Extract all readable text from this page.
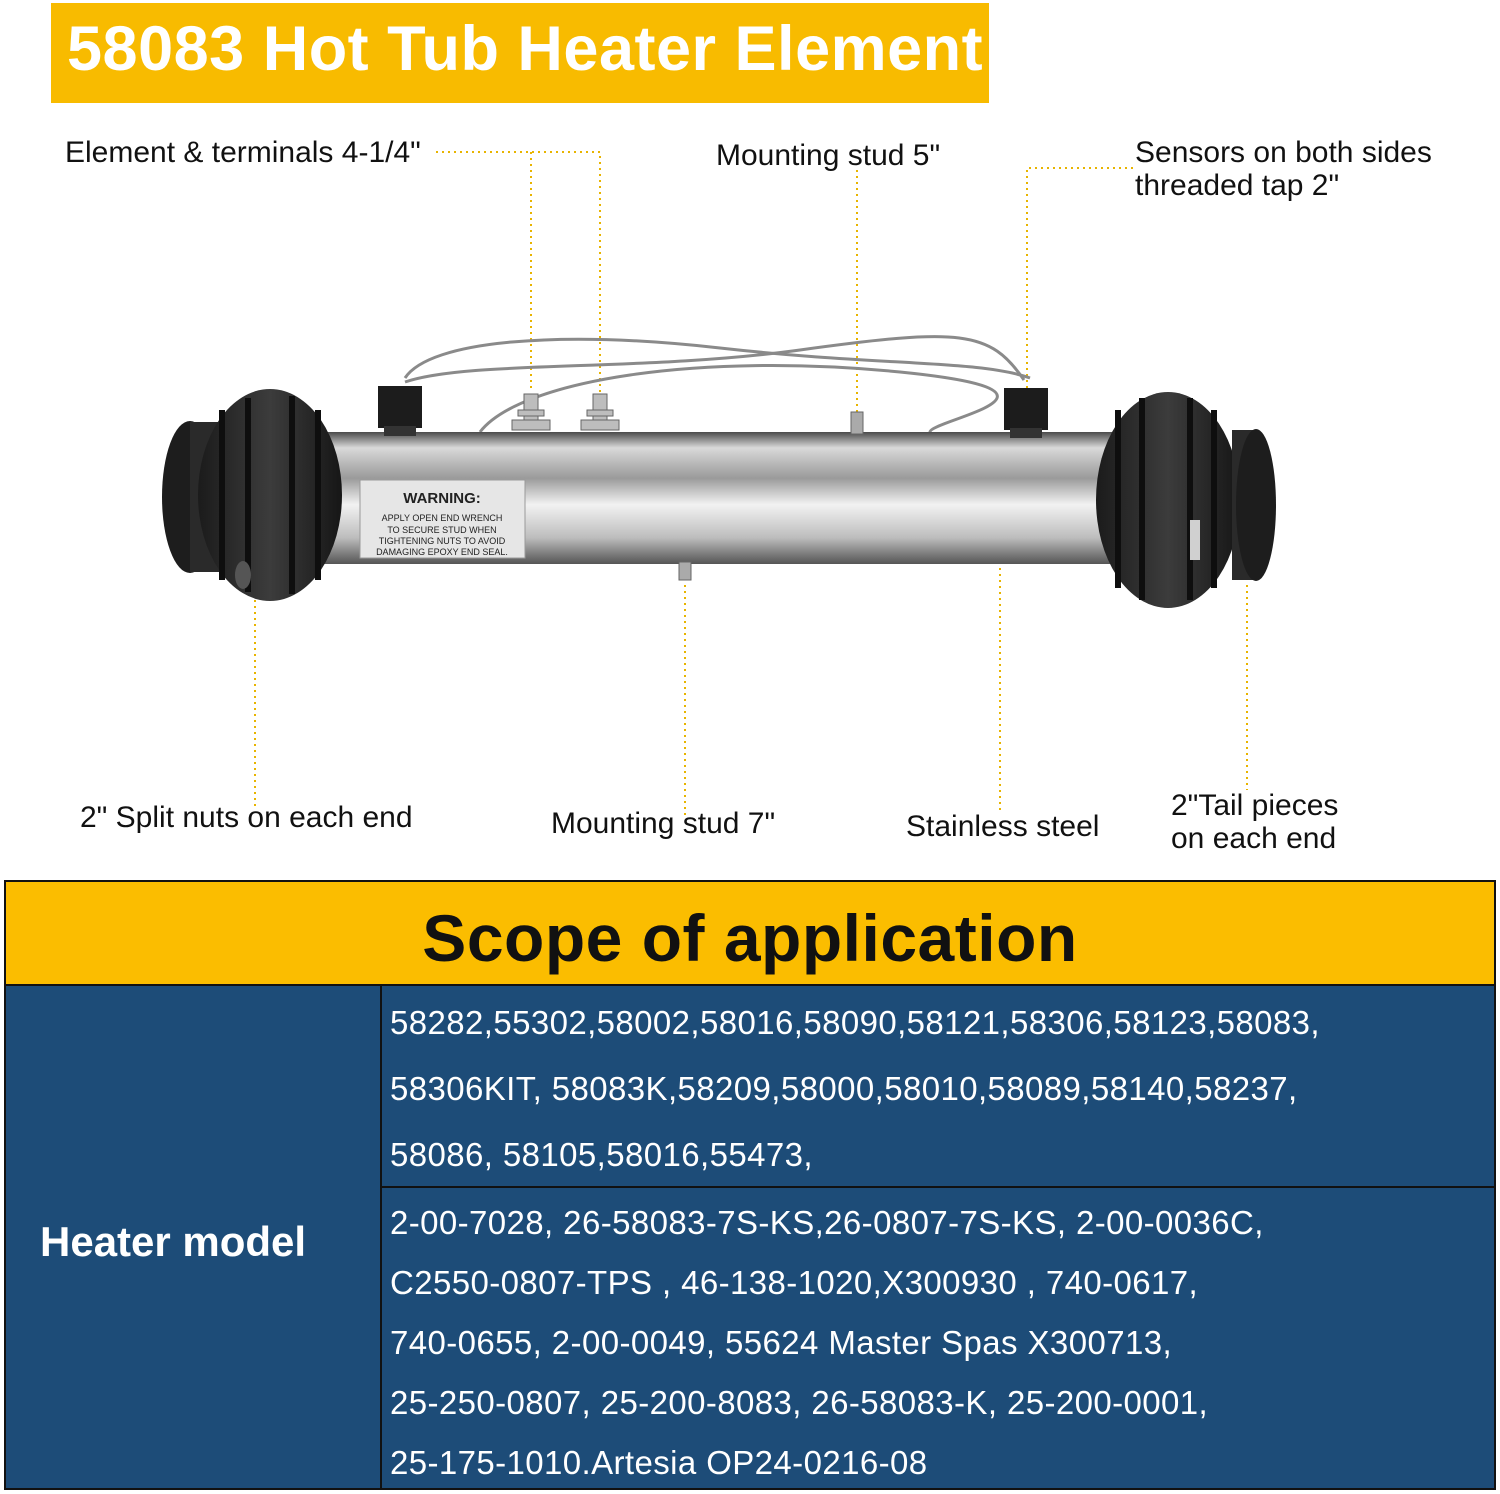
58083 Hot Tub Heater Element
WARNING:
APPLY OPEN END WRENCH
TO SECURE STUD WHEN
TIGHTENING NUTS TO AVOID
DAMAGING EPOXY END SEAL.
Element & terminals 4-1/4"	Mounting stud 5"	Sensors on both sides
threaded tap 2"
2" Split nuts on each end	Mounting stud 7"	Stainless steel
2"Tail pieces
on each end
Scope of application
Heater model
58282,55302,58002,58016,58090,58121,58306,58123,58083,
58306KIT, 58083K,58209,58000,58010,58089,58140,58237,
58086, 58105,58016,55473,
2-00-7028, 26-58083-7S-KS,26-0807-7S-KS, 2-00-0036C,
C2550-0807-TPS , 46-138-1020,X300930 , 740-0617,
740-0655, 2-00-0049, 55624 Master Spas X300713,
25-250-0807, 25-200-8083, 26-58083-K, 25-200-0001,
25-175-1010.Artesia OP24-0216-08
